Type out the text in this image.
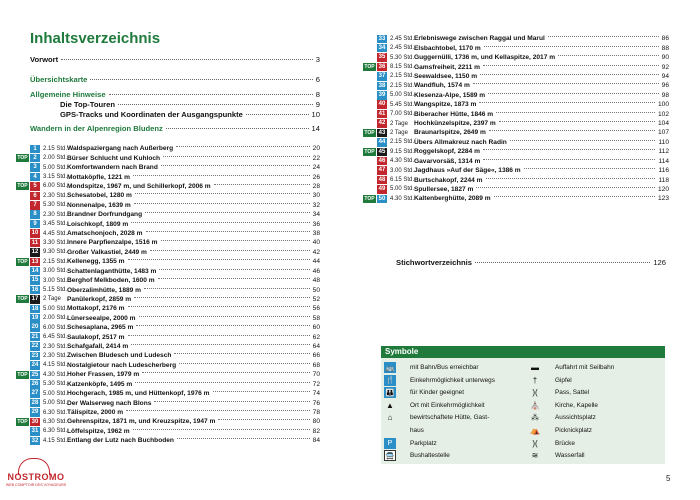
Inhaltsverzeichnis
Vorwort	3
Übersichtskarte	6
Allgemeine Hinweise	8
Die Top-Touren	9
GPS-Tracks und Koordinaten der Ausgangspunkte	10
Wandern in der Alpenregion Bludenz	14
1	2.15 Std. Waldspaziergang nach Außerberg	20
TOP 2	2.00 Std. Bürser Schlucht und Kuhloch	22
3	5.00 Std. Komfortwandern nach Brand	24
4	3.15 Std. Mottaköpfle, 1221 m	26
TOP 5	6.00 Std. Mondspitze, 1967 m, und Schillerkopf, 2006 m	28
6	2.30 Std. Schesatobel, 1280 m	30
7	5.30 Std. Nonnenalpe, 1639 m	32
8	2.30 Std. Brandner Dorfrundgang	34
9	3.45 Std. Loischkopf, 1809 m	36
10 4.45 Std. Amatschonjoch, 2028 m	38
11 3.30 Std. Innere Parpfienzalpe, 1516 m	40
12 9.30 Std. Großer Valkastiel, 2449 m	42
TOP 13 2.15 Std. Kellenegg, 1355 m	44
14 3.00 Std. Schattenlaganthütte, 1483 m	46
15 3.00 Std. Berghof Melkboden, 1600 m	48
16 5.15 Std. Oberzalimhütte, 1889 m	50
TOP 17 2 Tage Panülerkopf, 2859 m	52
18 5.00 Std. Mottakopf, 2176 m	56
19 2.00 Std. Lünerseealpe, 2000 m	58
20 6.00 Std. Schesaplana, 2965 m	60
21 6.45 Std. Saulakopf, 2517 m	62
22 2.30 Std. Schafgafall, 2414 m	64
23 2.30 Std. Zwischen Bludesch und Ludesch	66
24 4.15 Std. Nostalgietour nach Ludescherberg	68
TOP 25 4.30 Std. Hoher Frassen, 1979 m	70
26 5.30 Std. Katzenköpfe, 1495 m	72
27 5.00 Std. Hochgerach, 1985 m, und Hüttenkopf, 1976 m	74
28 5.00 Std. Der Walserweg nach Blons	76
29 6.30 Std. Tälispitze, 2000 m	78
TOP 30 6.30 Std. Gehrenspitze, 1871 m, und Kreuzspitze, 1947 m	80
31 6.30 Std. Löffelspitze, 1962 m	82
32 4.15 Std. Entlang der Lutz nach Buchboden	84
33 2.45 Std. Erlebniswege zwischen Raggal und Marul	86
34 2.45 Std. Elsbachtobel, 1170 m	88
35 5.30 Std. Guggernülli, 1736 m, und Kellaspitze, 2017 m	90
TOP 36 8.15 Std. Gamsfreiheit, 2211 m	92
37 2.15 Std. Seewaldsee, 1150 m	94
38 2.15 Std. Wandfluh, 1574 m	96
39 5.00 Std. Klesenza-Alpe, 1589 m	98
40 5.45 Std. Wangspitze, 1873 m	100
41 7.00 Std. Biberacher Hütte, 1846 m	102
42 2 Tage Hochkünzelspitze, 2397 m	104
TOP 43 2 Tage Braunarlspitze, 2649 m	107
44 2.15 Std. Übers Allmakreuz nach Radin	110
TOP 45 9.15 Std. Roggelskopf, 2284 m	112
46 4.30 Std. Gavarvorsäß, 1314 m	114
47 3.00 Std. Jagdhaus »Auf der Säge«, 1386 m	116
48 6.15 Std. Burtschakopf, 2244 m	118
49 5.00 Std. Spullersee, 1827 m	120
TOP 50 4.30 Std. Kaltenberghütte, 2089 m	123
Stichwortverzeichnis	126
Symbole
🚌 mit Bahn/Bus erreichbar
🍴 Einkehrmöglichkeit unterwegs
👪 für Kinder geeignet
▲	Ort mit Einkehrmöglichkeit
⌂	bewirtschaftete Hütte, Gast-
haus
P	Parkplatz
🚍 Bushaltestelle
▬	Auffahrt mit Seilbahn
†	Gipfel
)(	Pass, Sattel
⛪ Kirche, Kapelle
⁂	Aussichtsplatz
⛺ Picknickplatz
)(	Brücke
≋	Wasserfall
5
NOSTROMO
WEB COMPTOIR DES VOYAGEURS
